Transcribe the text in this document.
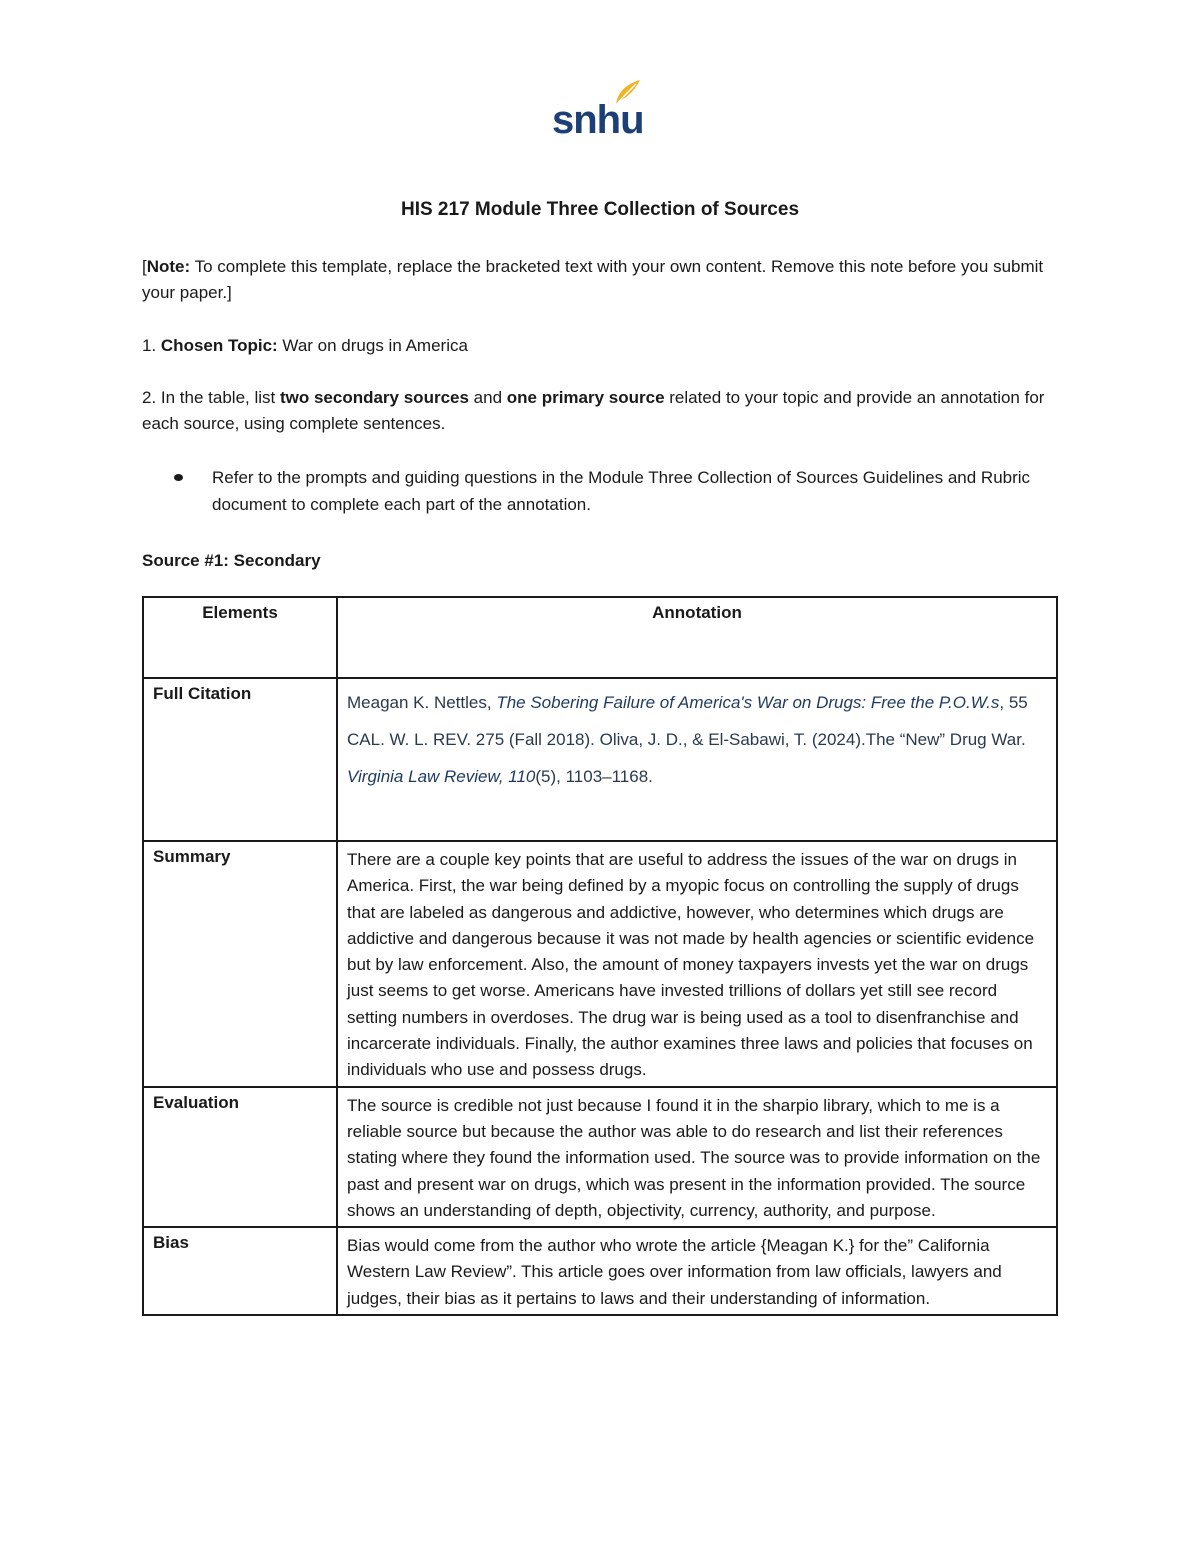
snhu
HIS 217 Module Three Collection of Sources

[Note: To complete this template, replace the bracketed text with your own content. Remove this note before you submit your paper.]

1. Chosen Topic: War on drugs in America

2. In the table, list two secondary sources and one primary source related to your topic and provide an annotation for each source, using complete sentences.

Refer to the prompts and guiding questions in the Module Three Collection of Sources Guidelines and Rubric document to complete each part of the annotation.
Source #1: Secondary
Elements	Annotation
Full Citation	Meagan K. Nettles, The Sobering Failure of America's War on Drugs: Free the P.O.W.s, 55 CAL. W. L. REV. 275 (Fall 2018). Oliva, J. D., & El-Sabawi, T. (2024).The “New” Drug War. Virginia Law Review, 110(5), 1103–1168.
Summary	There are a couple key points that are useful to address the issues of the war on drugs in America. First, the war being defined by a myopic focus on controlling the supply of drugs that are labeled as dangerous and addictive, however, who determines which drugs are addictive and dangerous because it was not made by health agencies or scientific evidence but by law enforcement. Also, the amount of money taxpayers invests yet the war on drugs just seems to get worse. Americans have invested trillions of dollars yet still see record setting numbers in overdoses. The drug war is being used as a tool to disenfranchise and incarcerate individuals. Finally, the author examines three laws and policies that focuses on individuals who use and possess drugs.
Evaluation	The source is credible not just because I found it in the sharpio library, which to me is a reliable source but because the author was able to do research and list their references stating where they found the information used. The source was to provide information on the past and present war on drugs, which was present in the information provided. The source shows an understanding of depth, objectivity, currency, authority, and purpose.
Bias	Bias would come from the author who wrote the article {Meagan K.} for the” California Western Law Review”. This article goes over information from law officials, lawyers and judges, their bias as it pertains to laws and their understanding of information.
